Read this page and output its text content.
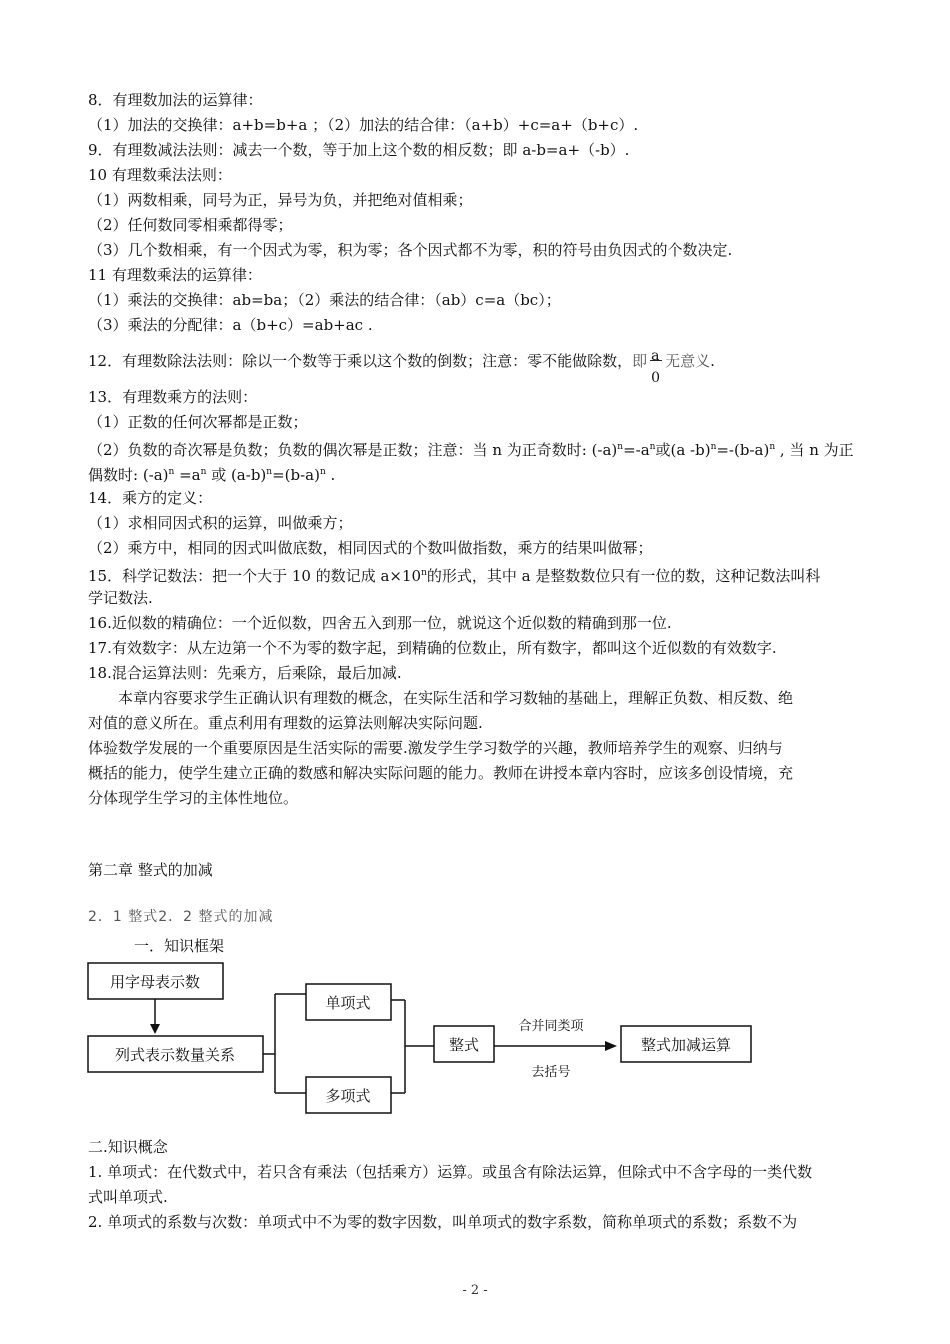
8．有理数加法的运算律：
（1）加法的交换律：a+b=b+a ；（2）加法的结合律：（a+b）+c=a+（b+c）.
9．有理数减法法则：减去一个数，等于加上这个数的相反数；即 a-b=a+（-b）.
10 有理数乘法法则：
（1）两数相乘，同号为正，异号为负，并把绝对值相乘；
（2）任何数同零相乘都得零；
（3）几个数相乘，有一个因式为零，积为零；各个因式都不为零，积的符号由负因式的个数决定.
11 有理数乘法的运算律：
（1）乘法的交换律：ab=ba；（2）乘法的结合律：（ab）c=a（bc）；
（3）乘法的分配律：a（b+c）=ab+ac .
12．有理数除法法则：除以一个数等于乘以这个数的倒数；注意：零不能做除数，即 a
0
无意义.
13．有理数乘方的法则：
（1）正数的任何次幂都是正数；
（2）负数的奇次幂是负数；负数的偶次幂是正数；注意：当 n 为正奇数时: $(-a)^n=-a^n$或(a $-b)^n=-(b-a)^n$ , 当 n 为正
偶数时: $(-a)^n =a^n$ 或 $(a-b)^n=(b-a)^n$ .
14．乘方的定义：
（1）求相同因式积的运算，叫做乘方；
（2）乘方中，相同的因式叫做底数，相同因式的个数叫做指数，乘方的结果叫做幂；
15．科学记数法：把一个大于 10 的数记成 $a\times 10^n$的形式，其中 a 是整数数位只有一位的数，这种记数法叫科
学记数法.
16.近似数的精确位：一个近似数，四舍五入到那一位，就说这个近似数的精确到那一位.
17.有效数字：从左边第一个不为零的数字起，到精确的位数止，所有数字，都叫这个近似数的有效数字.
18.混合运算法则：先乘方，后乘除，最后加减.
本章内容要求学生正确认识有理数的概念，在实际生活和学习数轴的基础上，理解正负数、相反数、绝
对值的意义所在。重点利用有理数的运算法则解决实际问题.
体验数学发展的一个重要原因是生活实际的需要.激发学生学习数学的兴趣，教师培养学生的观察、归纳与
概括的能力，使学生建立正确的数感和解决实际问题的能力。教师在讲授本章内容时，应该多创设情境，充
分体现学生学习的主体性地位。
第二章 整式的加减
2．1 整式2．2 整式的加减
一．知识框架
用字母表示数
列式表示数量关系
单项式
多项式
整式
合并同类项
去括号
整式加减运算
二.知识概念
1. 单项式：在代数式中，若只含有乘法（包括乘方）运算。或虽含有除法运算，但除式中不含字母的一类代数
式叫单项式.
2. 单项式的系数与次数：单项式中不为零的数字因数，叫单项式的数字系数，简称单项式的系数；系数不为
- 2 -
